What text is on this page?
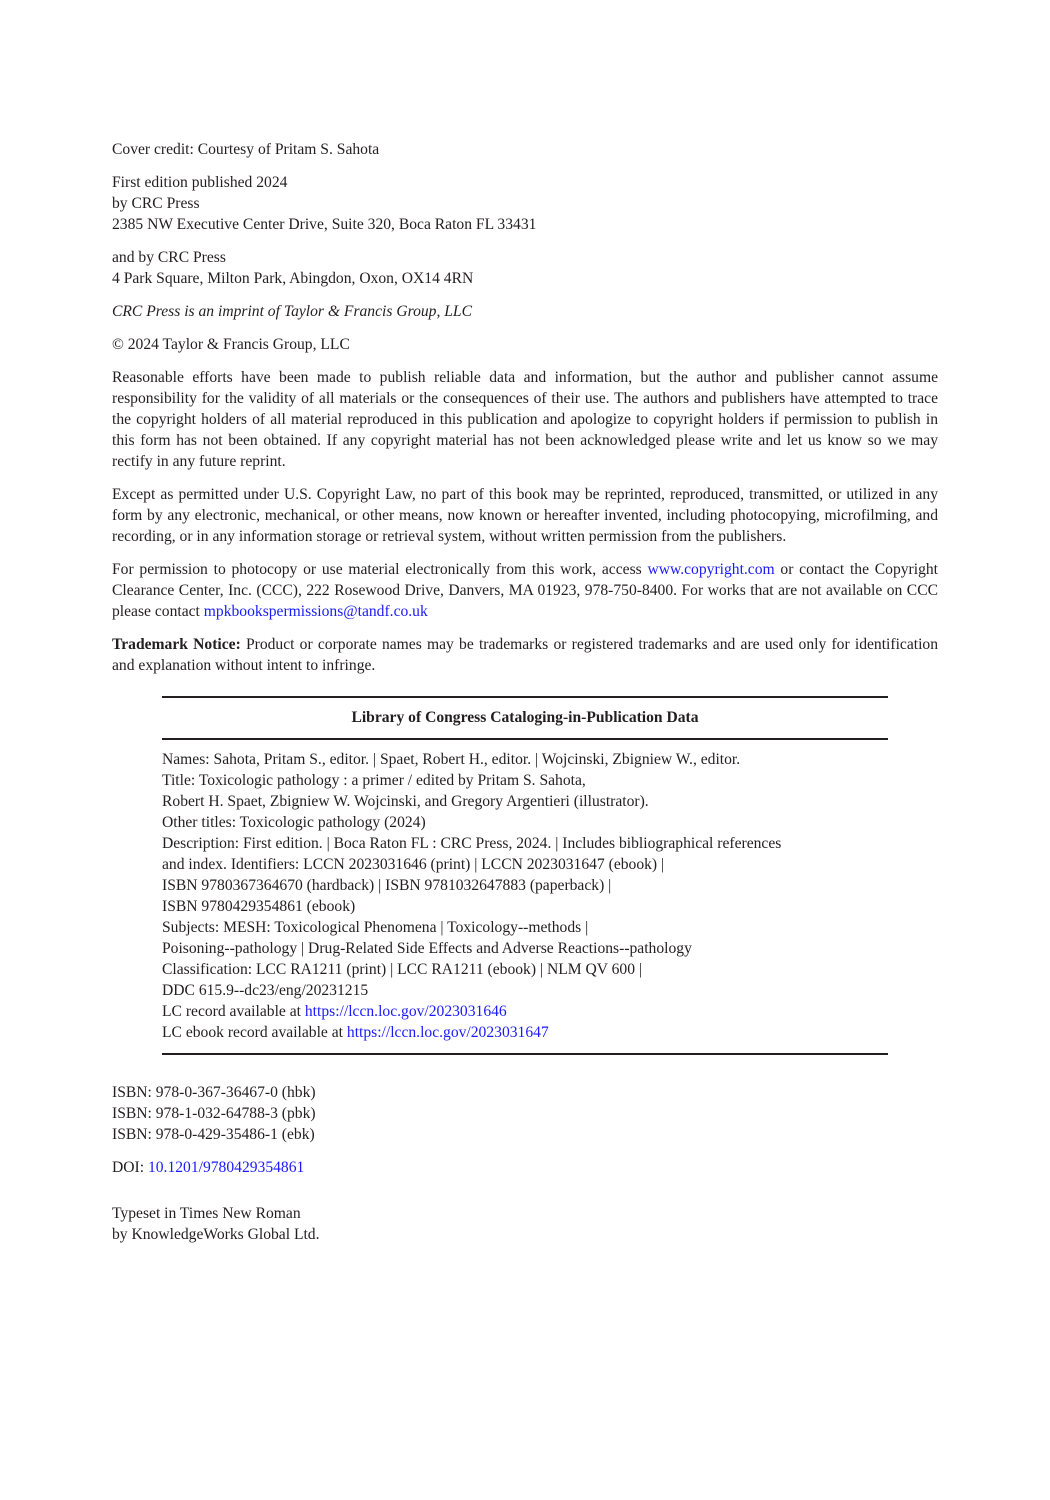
Cover credit: Courtesy of Pritam S. Sahota

First edition published 2024
by CRC Press
2385 NW Executive Center Drive, Suite 320, Boca Raton FL 33431

and by CRC Press
4 Park Square, Milton Park, Abingdon, Oxon, OX14 4RN

CRC Press is an imprint of Taylor & Francis Group, LLC

© 2024 Taylor & Francis Group, LLC

Reasonable efforts have been made to publish reliable data and information, but the author and publisher cannot assume responsibility for the validity of all materials or the consequences of their use. The authors and publishers have attempted to trace the copyright holders of all material reproduced in this publication and apologize to copyright holders if permission to publish in this form has not been obtained. If any copyright material has not been acknowledged please write and let us know so we may rectify in any future reprint.

Except as permitted under U.S. Copyright Law, no part of this book may be reprinted, reproduced, transmitted, or utilized in any form by any electronic, mechanical, or other means, now known or hereafter invented, including photocopying, microfilming, and recording, or in any information storage or retrieval system, without written permission from the publishers.

For permission to photocopy or use material electronically from this work, access www.copyright.com or contact the Copyright Clearance Center, Inc. (CCC), 222 Rosewood Drive, Danvers, MA 01923, 978-750-8400. For works that are not available on CCC please contact mpkbookspermissions@tandf.co.uk

Trademark Notice: Product or corporate names may be trademarks or registered trademarks and are used only for identification and explanation without intent to infringe.

Library of Congress Cataloging-in-Publication Data
Names: Sahota, Pritam S., editor. | Spaet, Robert H., editor. | Wojcinski, Zbigniew W., editor.
Title: Toxicologic pathology : a primer / edited by Pritam S. Sahota,
Robert H. Spaet, Zbigniew W. Wojcinski, and Gregory Argentieri (illustrator).
Other titles: Toxicologic pathology (2024)
Description: First edition. | Boca Raton FL : CRC Press, 2024. | Includes bibliographical references
and index. Identifiers: LCCN 2023031646 (print) | LCCN 2023031647 (ebook) |
ISBN 9780367364670 (hardback) | ISBN 9781032647883 (paperback) |
ISBN 9780429354861 (ebook)
Subjects: MESH: Toxicological Phenomena | Toxicology--methods |
Poisoning--pathology | Drug-Related Side Effects and Adverse Reactions--pathology
Classification: LCC RA1211 (print) | LCC RA1211 (ebook) | NLM QV 600 |
DDC 615.9--dc23/eng/20231215
LC record available at https://lccn.loc.gov/2023031646
LC ebook record available at https://lccn.loc.gov/2023031647
ISBN: 978-0-367-36467-0 (hbk)
ISBN: 978-1-032-64788-3 (pbk)
ISBN: 978-0-429-35486-1 (ebk)
DOI: 10.1201/9780429354861
Typeset in Times New Roman
by KnowledgeWorks Global Ltd.
